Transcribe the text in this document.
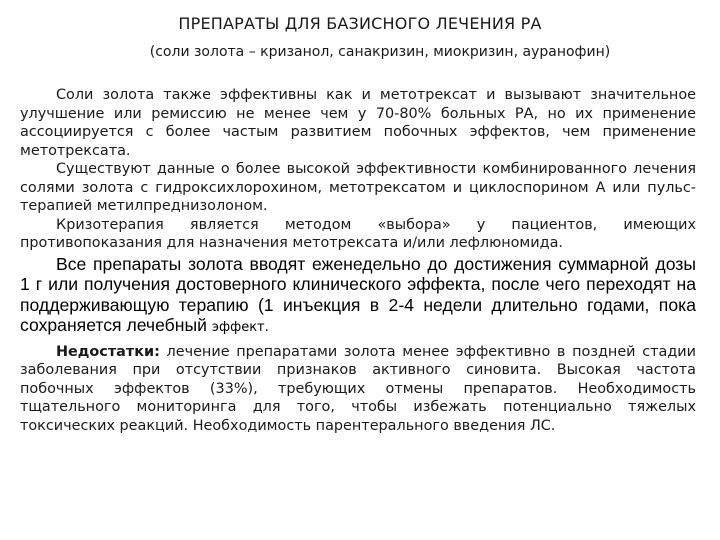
ПРЕПАРАТЫ ДЛЯ БАЗИСНОГО ЛЕЧЕНИЯ РА
(соли золота – кризанол, санакризин, миокризин, ауранофин)

Соли золота также эффективны как и метотрексат и вызывают значительное улучшение или ремиссию не менее чем у 70-80% больных РА, но их применение ассоциируется с более частым развитием побочных эффектов, чем применение метотрексата.

Существуют данные о более высокой эффективности комбинированного лечения солями золота с гидроксихлорохином, метотрексатом и циклоспорином А или пульс-терапией метилпреднизолоном.

Кризотерапия является методом «выбора» у пациентов, имеющих противопоказания для назначения метотрексата и/или лефлюномида.

Все препараты золота вводят еженедельно до достижения суммарной дозы 1 г или получения достоверного клинического эффекта, после чего переходят на поддерживающую терапию (1 инъекция в 2-4 недели длительно годами, пока сохраняется лечебный эффект.

Недостатки: лечение препаратами золота менее эффективно в поздней стадии заболевания при отсутствии признаков активного синовита. Высокая частота побочных эффектов (33%), требующих отмены препаратов. Необходимость тщательного мониторинга для того, чтобы избежать потенциально тяжелых токсических реакций. Необходимость парентерального введения ЛС.
